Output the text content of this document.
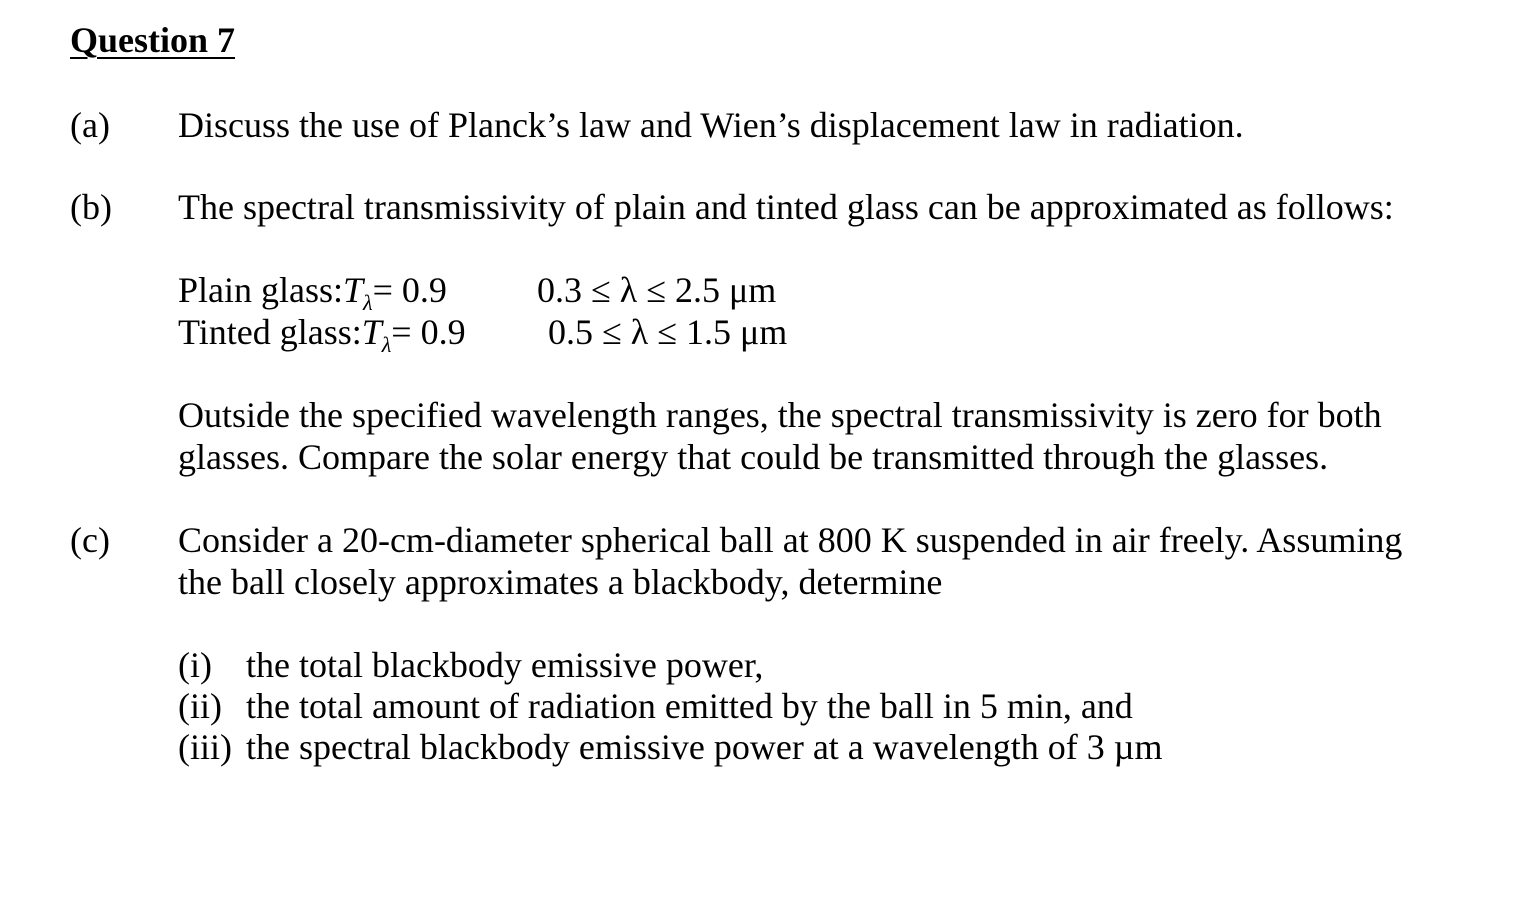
Question 7
(a) Discuss the use of Planck’s law and Wien’s displacement law in radiation.
(b) The spectral transmissivity of plain and tinted glass can be approximated as follows:
Plain glass:Tλ= 0.9	0.3 ≤ λ ≤ 2.5 μm
Tinted glass:Tλ= 0.9 0.5 ≤ λ ≤ 1.5 μm
Outside the specified wavelength ranges, the spectral transmissivity is zero for both
glasses. Compare the solar energy that could be transmitted through the glasses.
(c) Consider a 20-cm-diameter spherical ball at 800 K suspended in air freely. Assuming
the ball closely approximates a blackbody, determine
(i) the total blackbody emissive power,
(ii) the total amount of radiation emitted by the ball in 5 min, and
(iii) the spectral blackbody emissive power at a wavelength of 3 µm
